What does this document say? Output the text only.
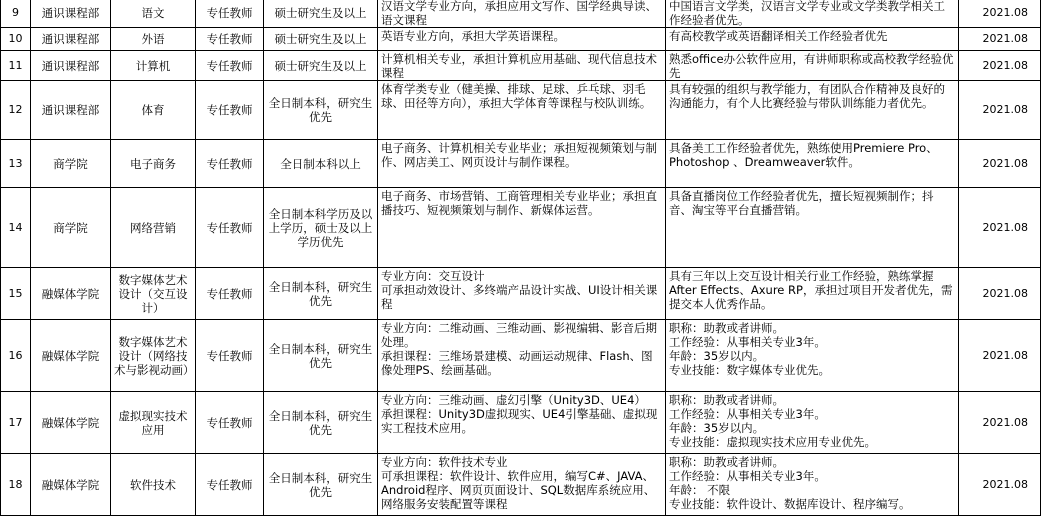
9	通识课程部	语文	专任教师	硕士研究生及以上	汉语文学专业方向，承担应用文写作、国学经典导读、语文课程	中国语言文学类，汉语言文学专业或文学类教学相关工作经验者优先。	2021.08
10	通识课程部	外语	专任教师	硕士研究生及以上	英语专业方向，承担大学英语课程。	有高校教学或英语翻译相关工作经验者优先	2021.08
11	通识课程部	计算机	专任教师	硕士研究生及以上	计算机相关专业，承担计算机应用基础、现代信息技术课程	熟悉office办公软件应用，有讲师职称或高校教学经验优先	2021.08
12	通识课程部	体育	专任教师	全日制本科，研究生优先	体育学类专业（健美操、排球、足球、乒乓球、羽毛球、田径等方向），承担大学体育等课程与校队训练。	具有较强的组织与教学能力，有团队合作精神及良好的沟通能力，有个人比赛经验与带队训练能力者优先。	2021.08
13	商学院	电子商务	专任教师	全日制本科以上	电子商务、计算机相关专业毕业；承担短视频策划与制作、网店美工、网页设计与制作课程。	具备美工工作经验者优先，熟练使用Premiere Pro、Photoshop 、Dreamweaver软件。	2021.08
14	商学院	网络营销	专任教师	全日制本科学历及以上学历，硕士及以上学历优先	电子商务、市场营销、工商管理相关专业毕业；承担直播技巧、短视频策划与制作、新媒体运营。	具备直播岗位工作经验者优先，擅长短视频制作；抖音、淘宝等平台直播营销。	2021.08
15	融媒体学院	数字媒体艺术设计（交互设计）	专任教师	全日制本科，研究生优先	专业方向：交互设计
可承担动效设计、多终端产品设计实战、UI设计相关课程	具有三年以上交互设计相关行业工作经验，熟练掌握After Effects、Axure RP，承担过项目开发者优先，需提交本人优秀作品。	2021.08
16	融媒体学院	数字媒体艺术设计（网络技术与影视动画）	专任教师	全日制本科，研究生优先	专业方向：二维动画、三维动画、影视编辑、影音后期处理。
承担课程：三维场景建模、动画运动规律、Flash、图像处理PS、绘画基础。	职称：助教或者讲师。
工作经验：从事相关专业3年。
年龄：35岁以内。
专业技能：数字媒体专业优先。	2021.08
17	融媒体学院	虚拟现实技术应用	专任教师	全日制本科，研究生优先	专业方向：三维动画、虚幻引擎（Unity3D、UE4）
承担课程：Unity3D虚拟现实、UE4引擎基础、虚拟现实工程技术应用。	职称：助教或者讲师。
工作经验：从事相关专业3年。
年龄：35岁以内。
专业技能：虚拟现实技术应用专业优先。	2021.08
18	融媒体学院	软件技术	专任教师	全日制本科，研究生优先	专业方向：软件技术专业
可承担课程：软件设计、软件应用，编写C#、JAVA、Android程序、网页页面设计、SQL数据库系统应用、网络服务安装配置等课程	职称：助教或者讲师。
工作经验：从事相关专业3年。
年龄： 不限
专业技能：软件设计、数据库设计、程序编写。	2021.08
